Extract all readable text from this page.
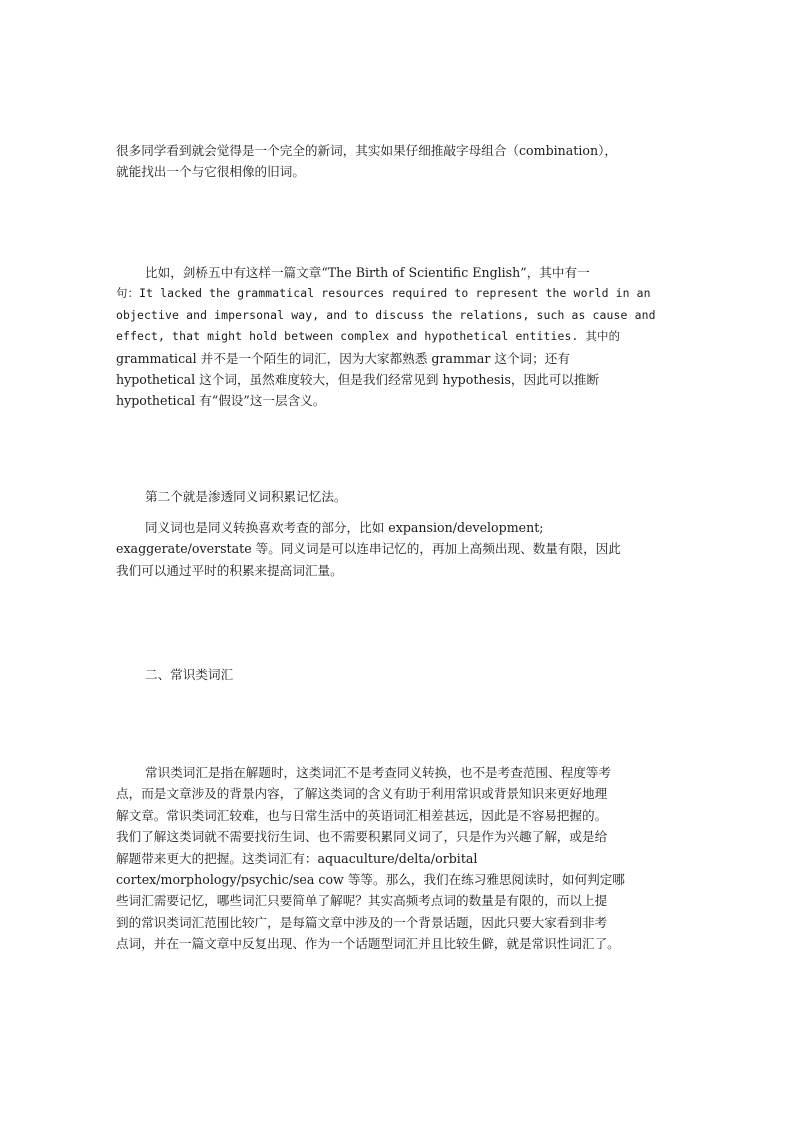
很多同学看到就会觉得是一个完全的新词，其实如果仔细推敲字母组合（combination），
就能找出一个与它很相像的旧词。

比如，剑桥五中有这样一篇文章“The Birth of Scientific English”，其中有一
句：It lacked the grammatical resources required to represent the world in an
objective and impersonal way, and to discuss the relations, such as cause and
effect, that might hold between complex and hypothetical entities. 其中的
grammatical 并不是一个陌生的词汇，因为大家都熟悉 grammar 这个词；还有
hypothetical 这个词，虽然难度较大，但是我们经常见到 hypothesis，因此可以推断
hypothetical 有“假设”这一层含义。

第二个就是渗透同义词积累记忆法。

同义词也是同义转换喜欢考查的部分，比如 expansion/development;
exaggerate/overstate 等。同义词是可以连串记忆的，再加上高频出现、数量有限，因此
我们可以通过平时的积累来提高词汇量。

二、常识类词汇

常识类词汇是指在解题时，这类词汇不是考查同义转换，也不是考查范围、程度等考
点，而是文章涉及的背景内容，了解这类词的含义有助于利用常识或背景知识来更好地理
解文章。常识类词汇较难，也与日常生活中的英语词汇相差甚远，因此是不容易把握的。
我们了解这类词就不需要找衍生词、也不需要积累同义词了，只是作为兴趣了解，或是给
解题带来更大的把握。这类词汇有：aquaculture/delta/orbital
cortex/morphology/psychic/sea cow 等等。那么，我们在练习雅思阅读时，如何判定哪
些词汇需要记忆，哪些词汇只要简单了解呢？其实高频考点词的数量是有限的，而以上提
到的常识类词汇范围比较广，是每篇文章中涉及的一个背景话题，因此只要大家看到非考
点词，并在一篇文章中反复出现、作为一个话题型词汇并且比较生僻，就是常识性词汇了。
